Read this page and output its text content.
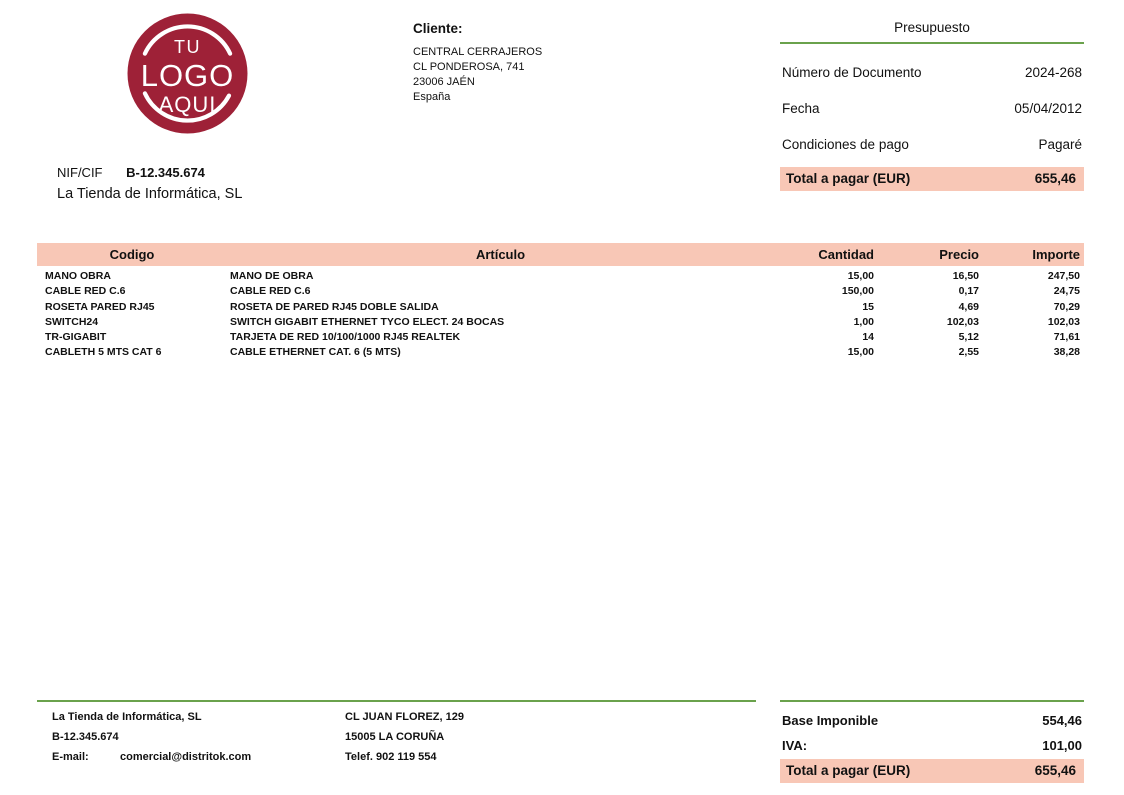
TU
LOGO
AQUI
NIF/CIF B-12.345.674
La Tienda de Informática, SL
Cliente:
CENTRAL CERRAJEROS
CL PONDEROSA, 741
23006 JAÉN
España
Presupuesto
Número de Documento	2024-268
Fecha	05/04/2012
Condiciones de pago	Pagaré
Total a pagar (EUR)	655,46
Codigo	Artículo	Cantidad	Precio	Importe
MANO OBRA	MANO DE OBRA	15,00	16,50	247,50
CABLE RED C.6	CABLE RED C.6	150,00	0,17	24,75
ROSETA PARED RJ45	ROSETA DE PARED RJ45 DOBLE SALIDA	15	4,69	70,29
SWITCH24	SWITCH GIGABIT ETHERNET TYCO ELECT. 24 BOCAS	1,00	102,03	102,03
TR-GIGABIT	TARJETA DE RED 10/100/1000 RJ45 REALTEK	14	5,12	71,61
CABLETH 5 MTS CAT 6	CABLE ETHERNET CAT. 6 (5 MTS)	15,00	2,55	38,28
La Tienda de Informática, SL
B-12.345.674
E-mail:	comercial@distritok.com
CL JUAN FLOREZ, 129
15005 LA CORUÑA
Telef. 902 119 554
Base Imponible	554,46
IVA:	101,00
Total a pagar (EUR)	655,46
